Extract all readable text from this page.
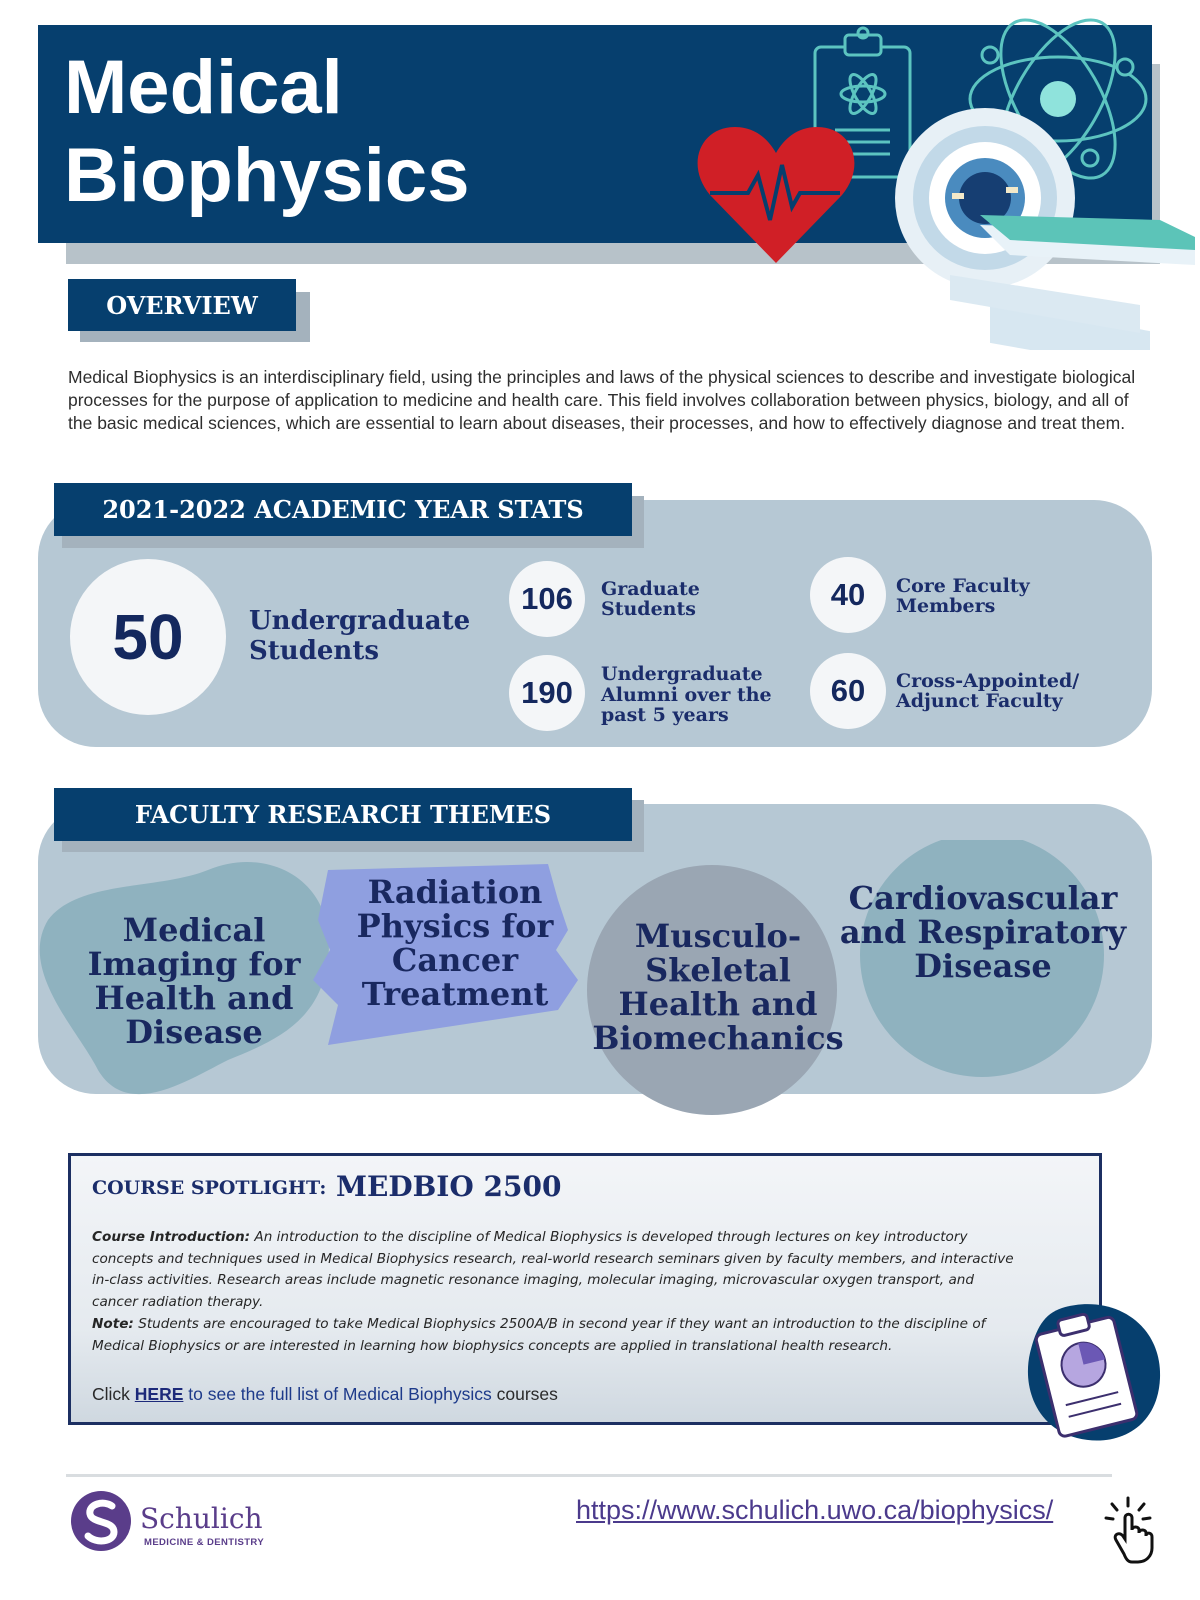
Medical
Biophysics
OVERVIEW
Medical Biophysics is an interdisciplinary field, using the principles and laws of the physical sciences to describe and investigate biological processes for the purpose of application to medicine and health care. This field involves collaboration between physics, biology, and all of the basic medical sciences, which are essential to learn about diseases, their processes, and how to effectively diagnose and treat them.
2021-2022 ACADEMIC YEAR STATS
50	Undergraduate
Students
106	Graduate
Students
190
Undergraduate
Alumni over the
past 5 years
40	Core Faculty
Members
60	Cross-Appointed/
Adjunct Faculty
FACULTY RESEARCH THEMES
Medical
Imaging for
Health and
Disease
Radiation
Physics for
Cancer
Treatment
Musculo-
Skeletal
Health and
Biomechanics
Cardiovascular
and Respiratory
Disease
COURSE SPOTLIGHT: MEDBIO 2500
Course Introduction: An introduction to the discipline of Medical Biophysics is developed through lectures on key introductory concepts and techniques used in Medical Biophysics research, real-world research seminars given by faculty members, and interactive in-class activities. Research areas include magnetic resonance imaging, molecular imaging, microvascular oxygen transport, and cancer radiation therapy.
Note: Students are encouraged to take Medical Biophysics 2500A/B in second year if they want an introduction to the discipline of Medical Biophysics or are interested in learning how biophysics concepts are applied in translational health research.
Click HERE to see the full list of Medical Biophysics courses
Schulich
MEDICINE & DENTISTRY
https://www.schulich.uwo.ca/biophysics/
